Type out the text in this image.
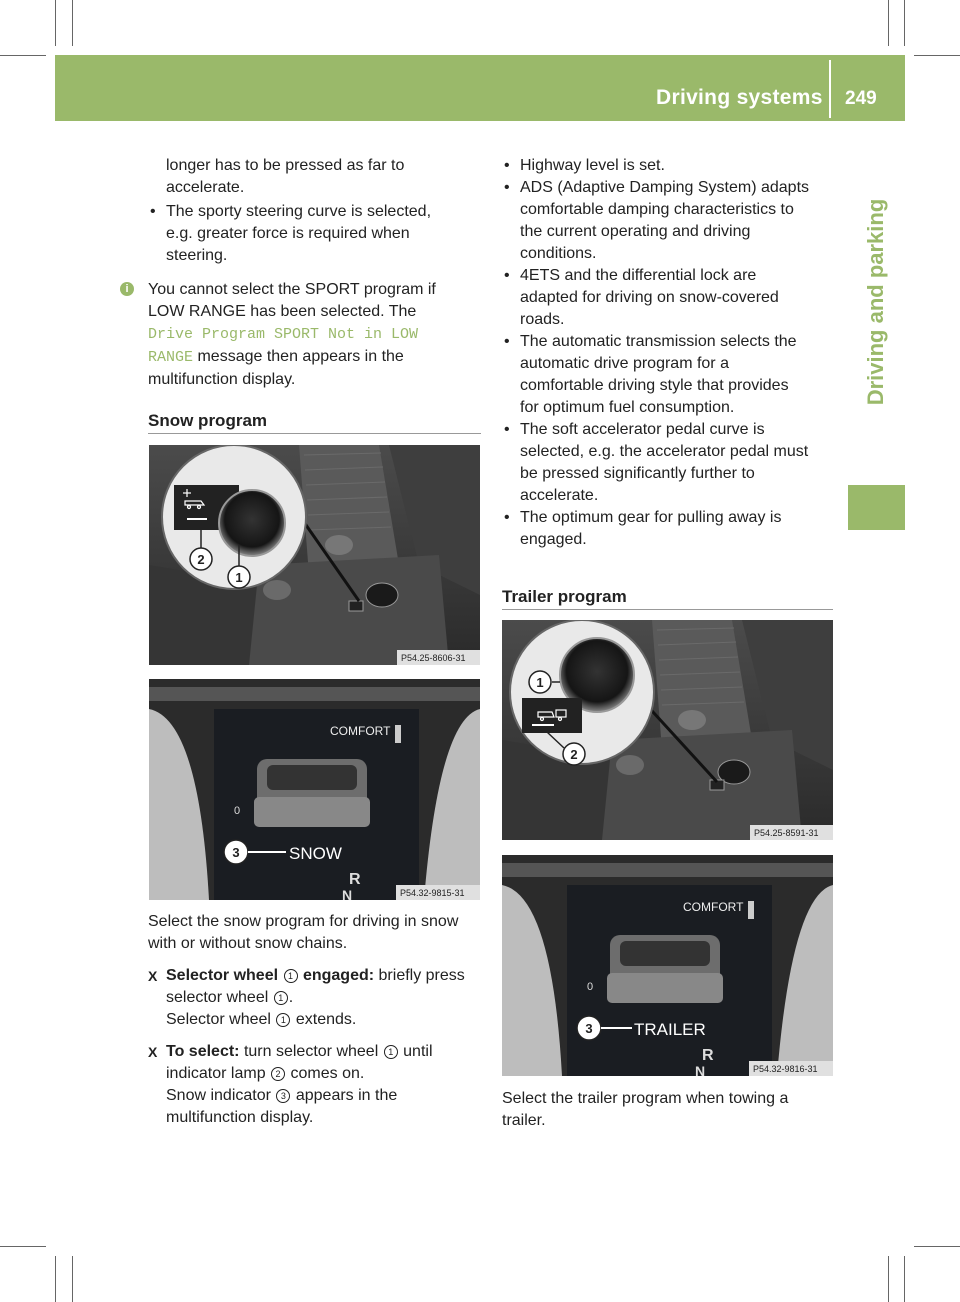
Driving systems 249
Driving and parking

longer has to be pressed as far to

accelerate.

• The sporty steering curve is selected,

e.g. greater force is required when

steering.

i	You cannot select the SPORT program if

LOW RANGE has been selected. The

Drive Program SPORT Not in LOW

RANGE message then appears in the

multifunction display.

Snow program
2
1
P54.25-8606-31
COMFORT
0
3	SNOW
R
N	P54.32-9815-31

Select the snow program for driving in snow

with or without snow chains.

X Selector wheel 1 engaged: briefly press

selector wheel 1 .

Selector wheel 1 extends.

X To select: turn selector wheel 1 until

indicator lamp 2 comes on.

Snow indicator 3 appears in the

multifunction display.

• Highway level is set.

• ADS (Adaptive Damping System) adapts

comfortable damping characteristics to

the current operating and driving

conditions.

• 4ETS and the differential lock are

adapted for driving on snow-covered

roads.

• The automatic transmission selects the

automatic drive program for a

comfortable driving style that provides

for optimum fuel consumption.

• The soft accelerator pedal curve is

selected, e.g. the accelerator pedal must

be pressed significantly further to

accelerate.

• The optimum gear for pulling away is

engaged.

Trailer program
1
2
P54.25-8591-31
COMFORT
0
3 TRAILER
R
N	P54.32-9816-31

Select the trailer program when towing a

trailer.
